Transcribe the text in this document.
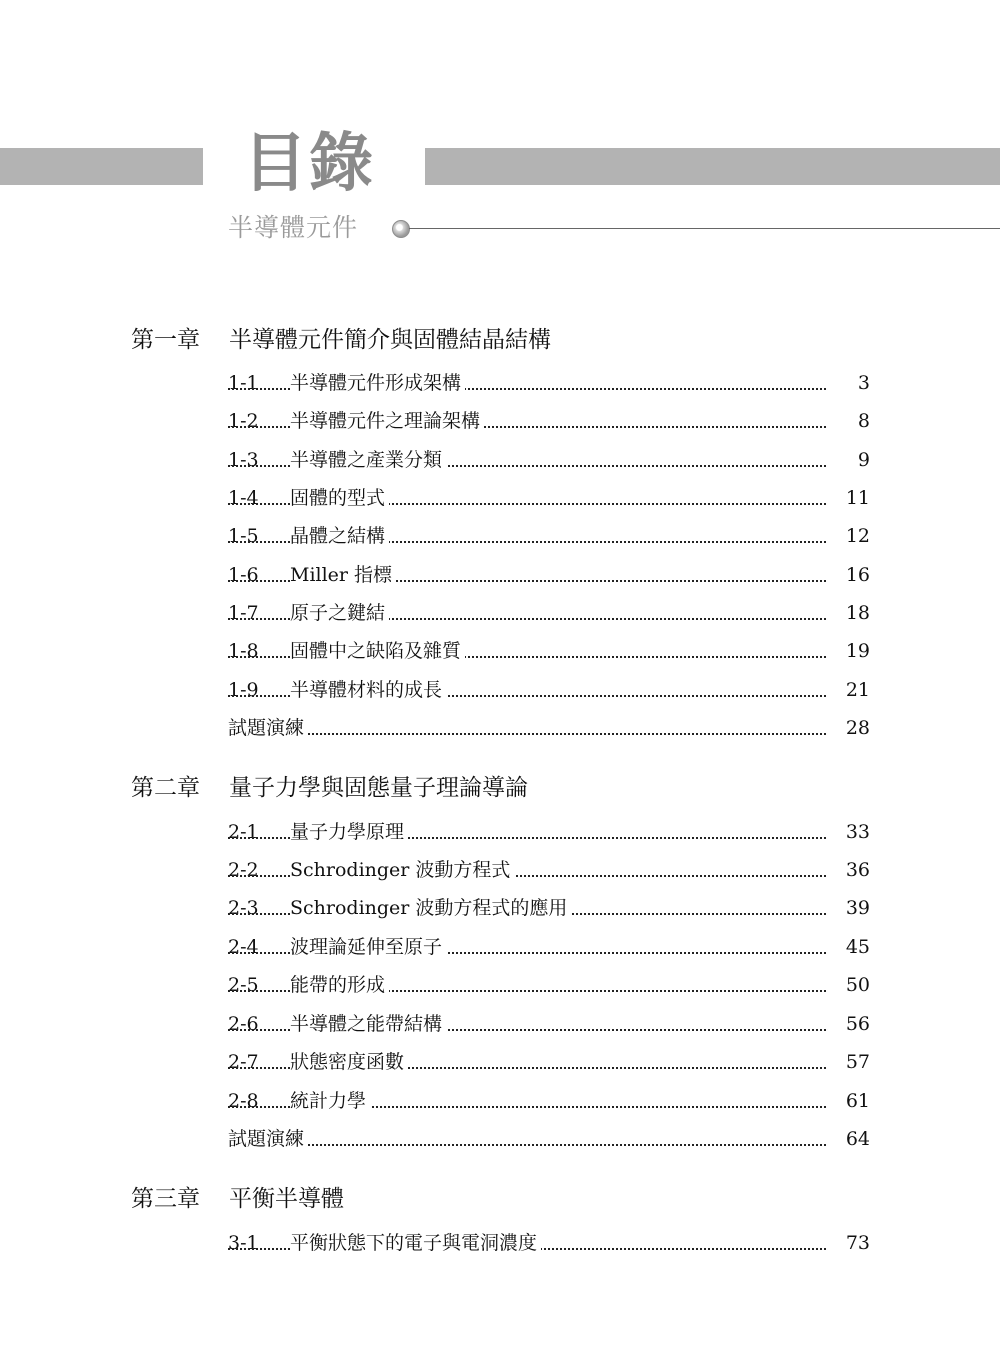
目錄
半導體元件
第一章 半導體元件簡介與固體結晶結構
1-1	半導體元件形成架構	3
1-2	半導體元件之理論架構	8
1-3	半導體之產業分類	9
1-4	固體的型式	11
1-5	晶體之結構	12
1-6	Miller 指標	16
1-7	原子之鍵結	18
1-8	固體中之缺陷及雜質	19
1-9	半導體材料的成長	21
試題演練	28
第二章 量子力學與固態量子理論導論
2-1	量子力學原理	33
2-2	Schrodinger 波動方程式	36
2-3	Schrodinger 波動方程式的應用	39
2-4	波理論延伸至原子	45
2-5	能帶的形成	50
2-6	半導體之能帶結構	56
2-7	狀態密度函數	57
2-8	統計力學	61
試題演練	64
第三章 平衡半導體
3-1	平衡狀態下的電子與電洞濃度	73
